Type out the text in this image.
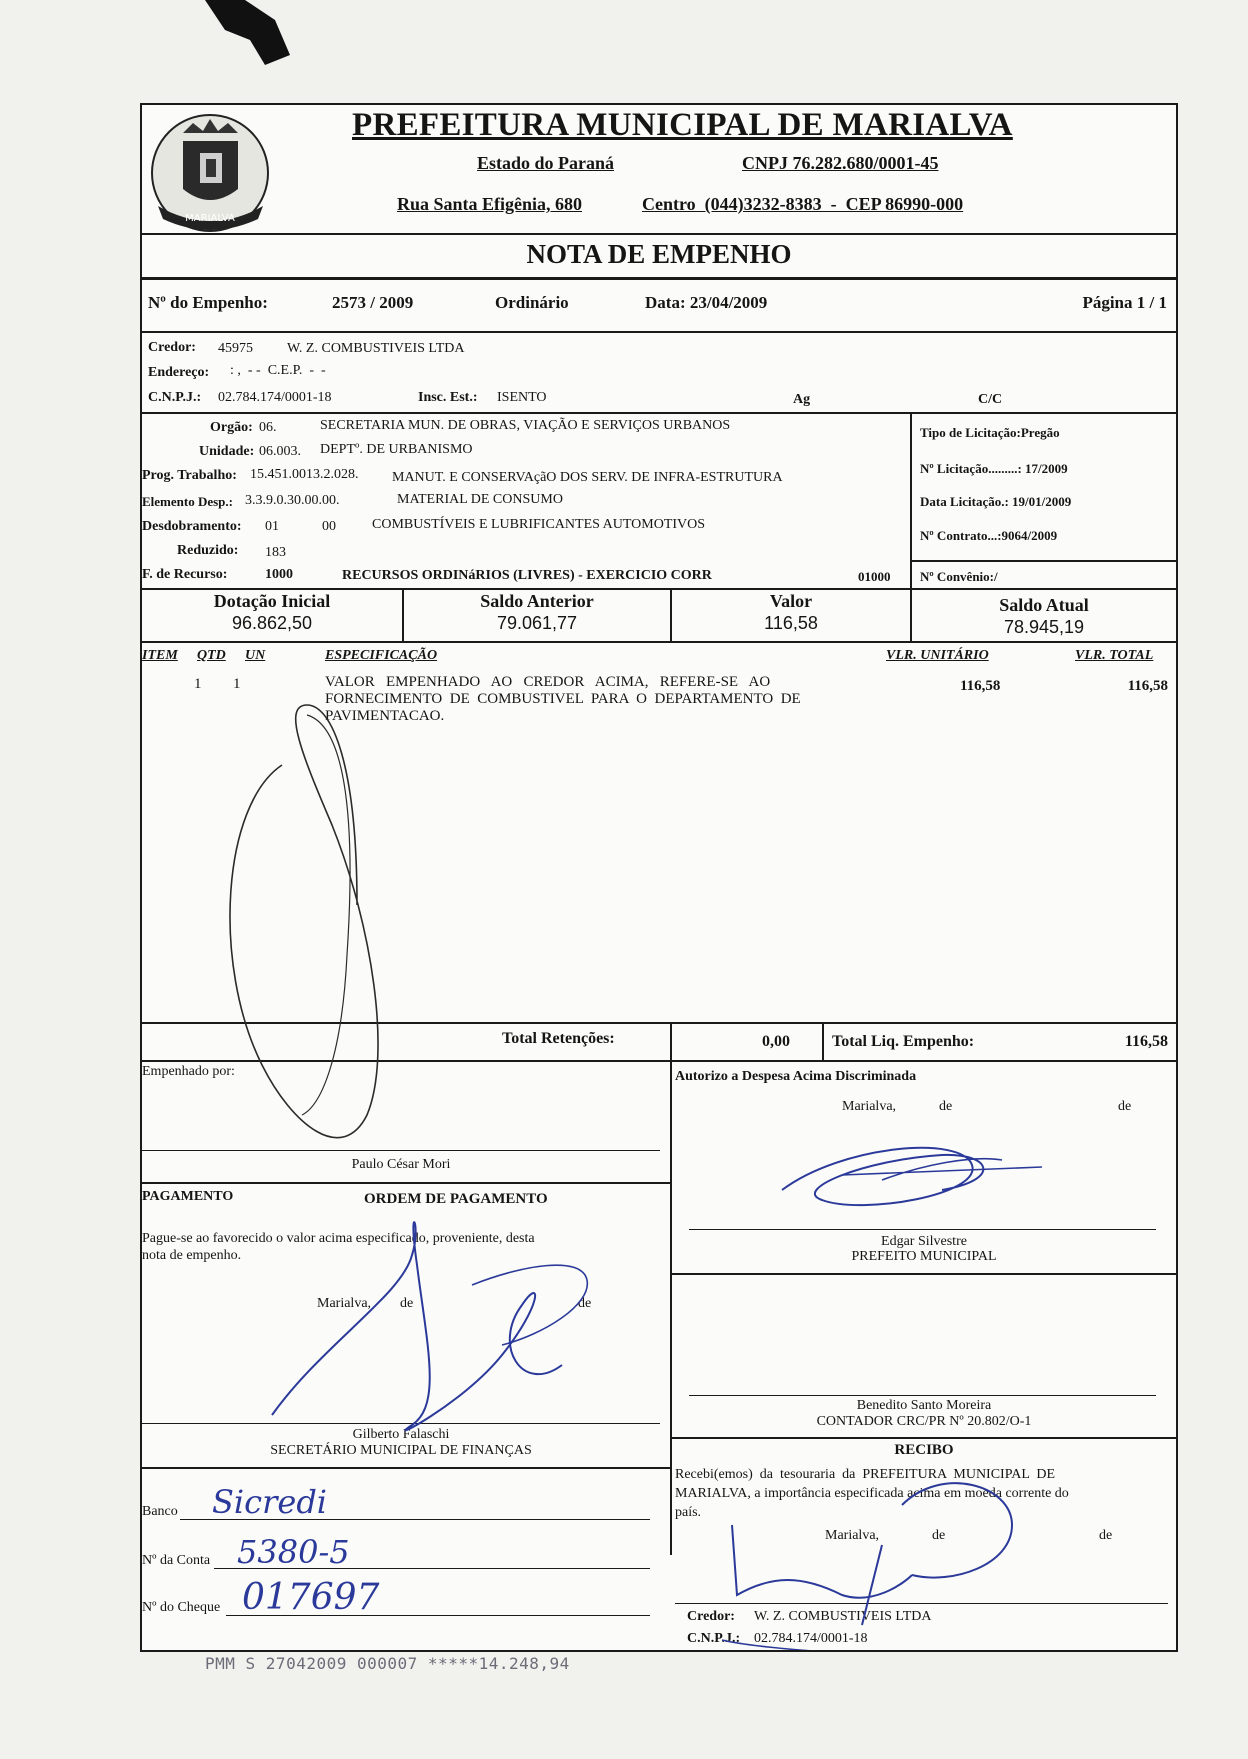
MARIALVA
PREFEITURA MUNICIPAL DE MARIALVA
Estado do Paraná	CNPJ 76.282.680/0001-45
Rua Santa Efigênia, 680	Centro  (044)3232-8383  -  CEP 86990-000
NOTA DE EMPENHO
Nº do Empenho:	2573 / 2009	Ordinário	Data: 23/04/2009	Página 1 / 1
Credor: 45975 W. Z. COMBUSTIVEIS LTDA
Endereço: : ,  - -  C.E.P.  -  -
C.N.P.J.: 02.784.174/0001-18	Insc. Est.: ISENTO	Ag	C/C
Orgão: 06.	SECRETARIA MUN. DE OBRAS, VIAÇÃO E SERVIÇOS URBANOS
Unidade: 06.003. DEPTº. DE URBANISMO
Prog. Trabalho: 15.451.0013.2.028. MANUT. E CONSERVAçãO DOS SERV. DE INFRA-ESTRUTURA
Elemento Desp.: 3.3.9.0.30.00.00.	MATERIAL DE CONSUMO
Desdobramento: 01	00	COMBUSTÍVEIS E LUBRIFICANTES AUTOMOTIVOS
Reduzido: 183
Tipo de Licitação:Pregão
Nº Licitação.........: 17/2009
Data Licitação.: 19/01/2009
Nº Contrato...:9064/2009
F. de Recurso:	1000	RECURSOS ORDINáRIOS (LIVRES) - EXERCICIO CORR	01000 Nº Convênio:/
Dotação Inicial
96.862,50
Saldo Anterior
79.061,77
Valor
116,58
Saldo Atual
78.945,19
ITEM QTD UN	ESPECIFICAÇÃO	VLR. UNITÁRIO	VLR. TOTAL
1 1	VALOR   EMPENHADO   AO   CREDOR   ACIMA,   REFERE-SE   AO
FORNECIMENTO  DE  COMBUSTIVEL  PARA  O  DEPARTAMENTO  DE
PAVIMENTACAO.
116,58	116,58
Total Retenções:	0,00	Total Liq. Empenho:	116,58
Empenhado por:
Paulo César Mori
Autorizo a Despesa Acima Discriminada
Marialva,	de	de
Edgar Silvestre
PREFEITO MUNICIPAL
PAGAMENTO	ORDEM DE PAGAMENTO
Pague-se ao favorecido o valor acima especificado, proveniente, desta
nota de empenho.
Marialva, de	de
Gilberto Falaschi
SECRETÁRIO MUNICIPAL DE FINANÇAS
Banco Sicredi
Nº da Conta 5380-5
Nº do Cheque 017697
Benedito Santo Moreira
CONTADOR CRC/PR Nº 20.802/O-1
RECIBO
Recebi(emos)  da  tesouraria  da  PREFEITURA  MUNICIPAL  DE
MARIALVA, a importância especificada acima em moeda corrente do
país.
Marialva,	de	de
Credor: W. Z. COMBUSTIVEIS LTDA
C.N.P.J.: 02.784.174/0001-18
PMM S 27042009 000007 *****14.248,94
